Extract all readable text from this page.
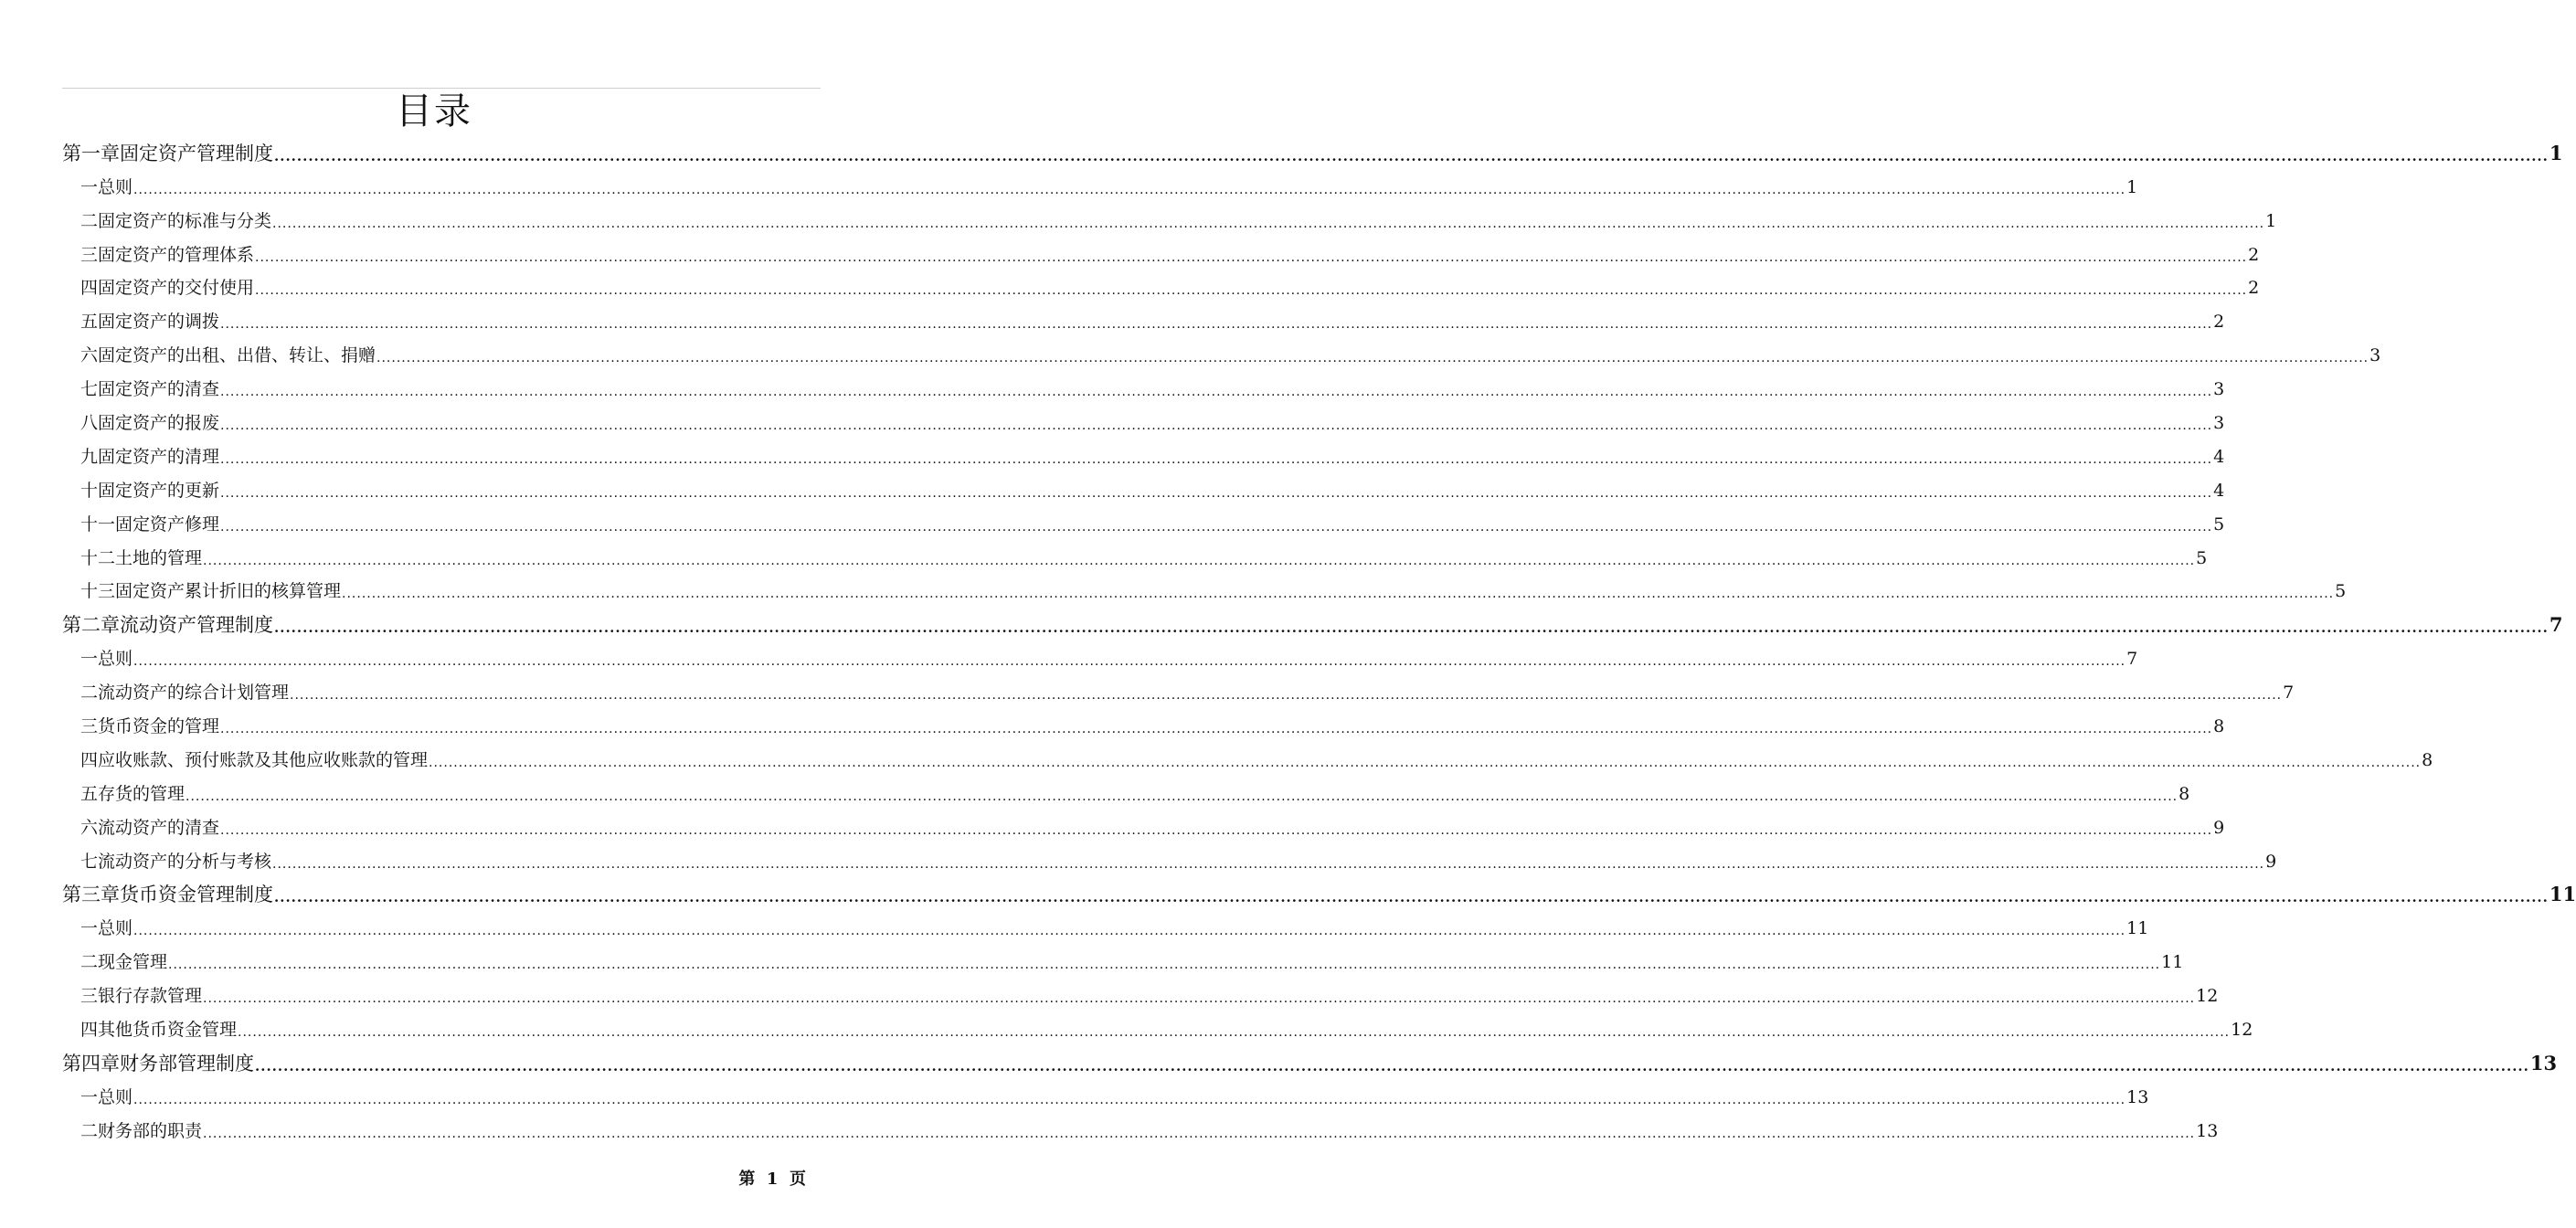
目录
第一章 固定资产管理制度 ................................................................................................................................................................................................................................................................................................................................................................................................................ 1
一 总则 ................................................................................................................................................................................................................................................................................................................................................................................................................ 1
二 固定资产的标准与分类 ................................................................................................................................................................................................................................................................................................................................................................................................................ 1
三 固定资产的管理体系 ................................................................................................................................................................................................................................................................................................................................................................................................................ 2
四 固定资产的交付使用 ................................................................................................................................................................................................................................................................................................................................................................................................................ 2
五 固定资产的调拨 ................................................................................................................................................................................................................................................................................................................................................................................................................ 2
六 固定资产的出租、出借、转让、捐赠 ................................................................................................................................................................................................................................................................................................................................................................................................................ 3
七 固定资产的清查 ................................................................................................................................................................................................................................................................................................................................................................................................................ 3
八 固定资产的报废 ................................................................................................................................................................................................................................................................................................................................................................................................................ 3
九 固定资产的清理 ................................................................................................................................................................................................................................................................................................................................................................................................................ 4
十 固定资产的更新 ................................................................................................................................................................................................................................................................................................................................................................................................................ 4
十一 固定资产修理 ................................................................................................................................................................................................................................................................................................................................................................................................................ 5
十二 土地的管理 ................................................................................................................................................................................................................................................................................................................................................................................................................ 5
十三 固定资产累计折旧的核算管理 ................................................................................................................................................................................................................................................................................................................................................................................................................ 5
第二章 流动资产管理制度 ................................................................................................................................................................................................................................................................................................................................................................................................................ 7
一 总则 ................................................................................................................................................................................................................................................................................................................................................................................................................ 7
二 流动资产的综合计划管理 ................................................................................................................................................................................................................................................................................................................................................................................................................ 7
三 货币资金的管理 ................................................................................................................................................................................................................................................................................................................................................................................................................ 8
四 应收账款、预付账款及其他应收账款的管理 ................................................................................................................................................................................................................................................................................................................................................................................................................ 8
五 存货的管理 ................................................................................................................................................................................................................................................................................................................................................................................................................ 8
六 流动资产的清查 ................................................................................................................................................................................................................................................................................................................................................................................................................ 9
七 流动资产的分析与考核 ................................................................................................................................................................................................................................................................................................................................................................................................................ 9
第三章 货币资金管理制度 ................................................................................................................................................................................................................................................................................................................................................................................................................ 11
一 总则 ................................................................................................................................................................................................................................................................................................................................................................................................................ 11
二 现金管理 ................................................................................................................................................................................................................................................................................................................................................................................................................ 11
三 银行存款管理 ................................................................................................................................................................................................................................................................................................................................................................................................................ 12
四 其他货币资金管理 ................................................................................................................................................................................................................................................................................................................................................................................................................ 12
第四章 财务部管理制度 ................................................................................................................................................................................................................................................................................................................................................................................................................ 13
一 总则 ................................................................................................................................................................................................................................................................................................................................................................................................................ 13
二 财务部的职责 ................................................................................................................................................................................................................................................................................................................................................................................................................ 13
第 1 页
